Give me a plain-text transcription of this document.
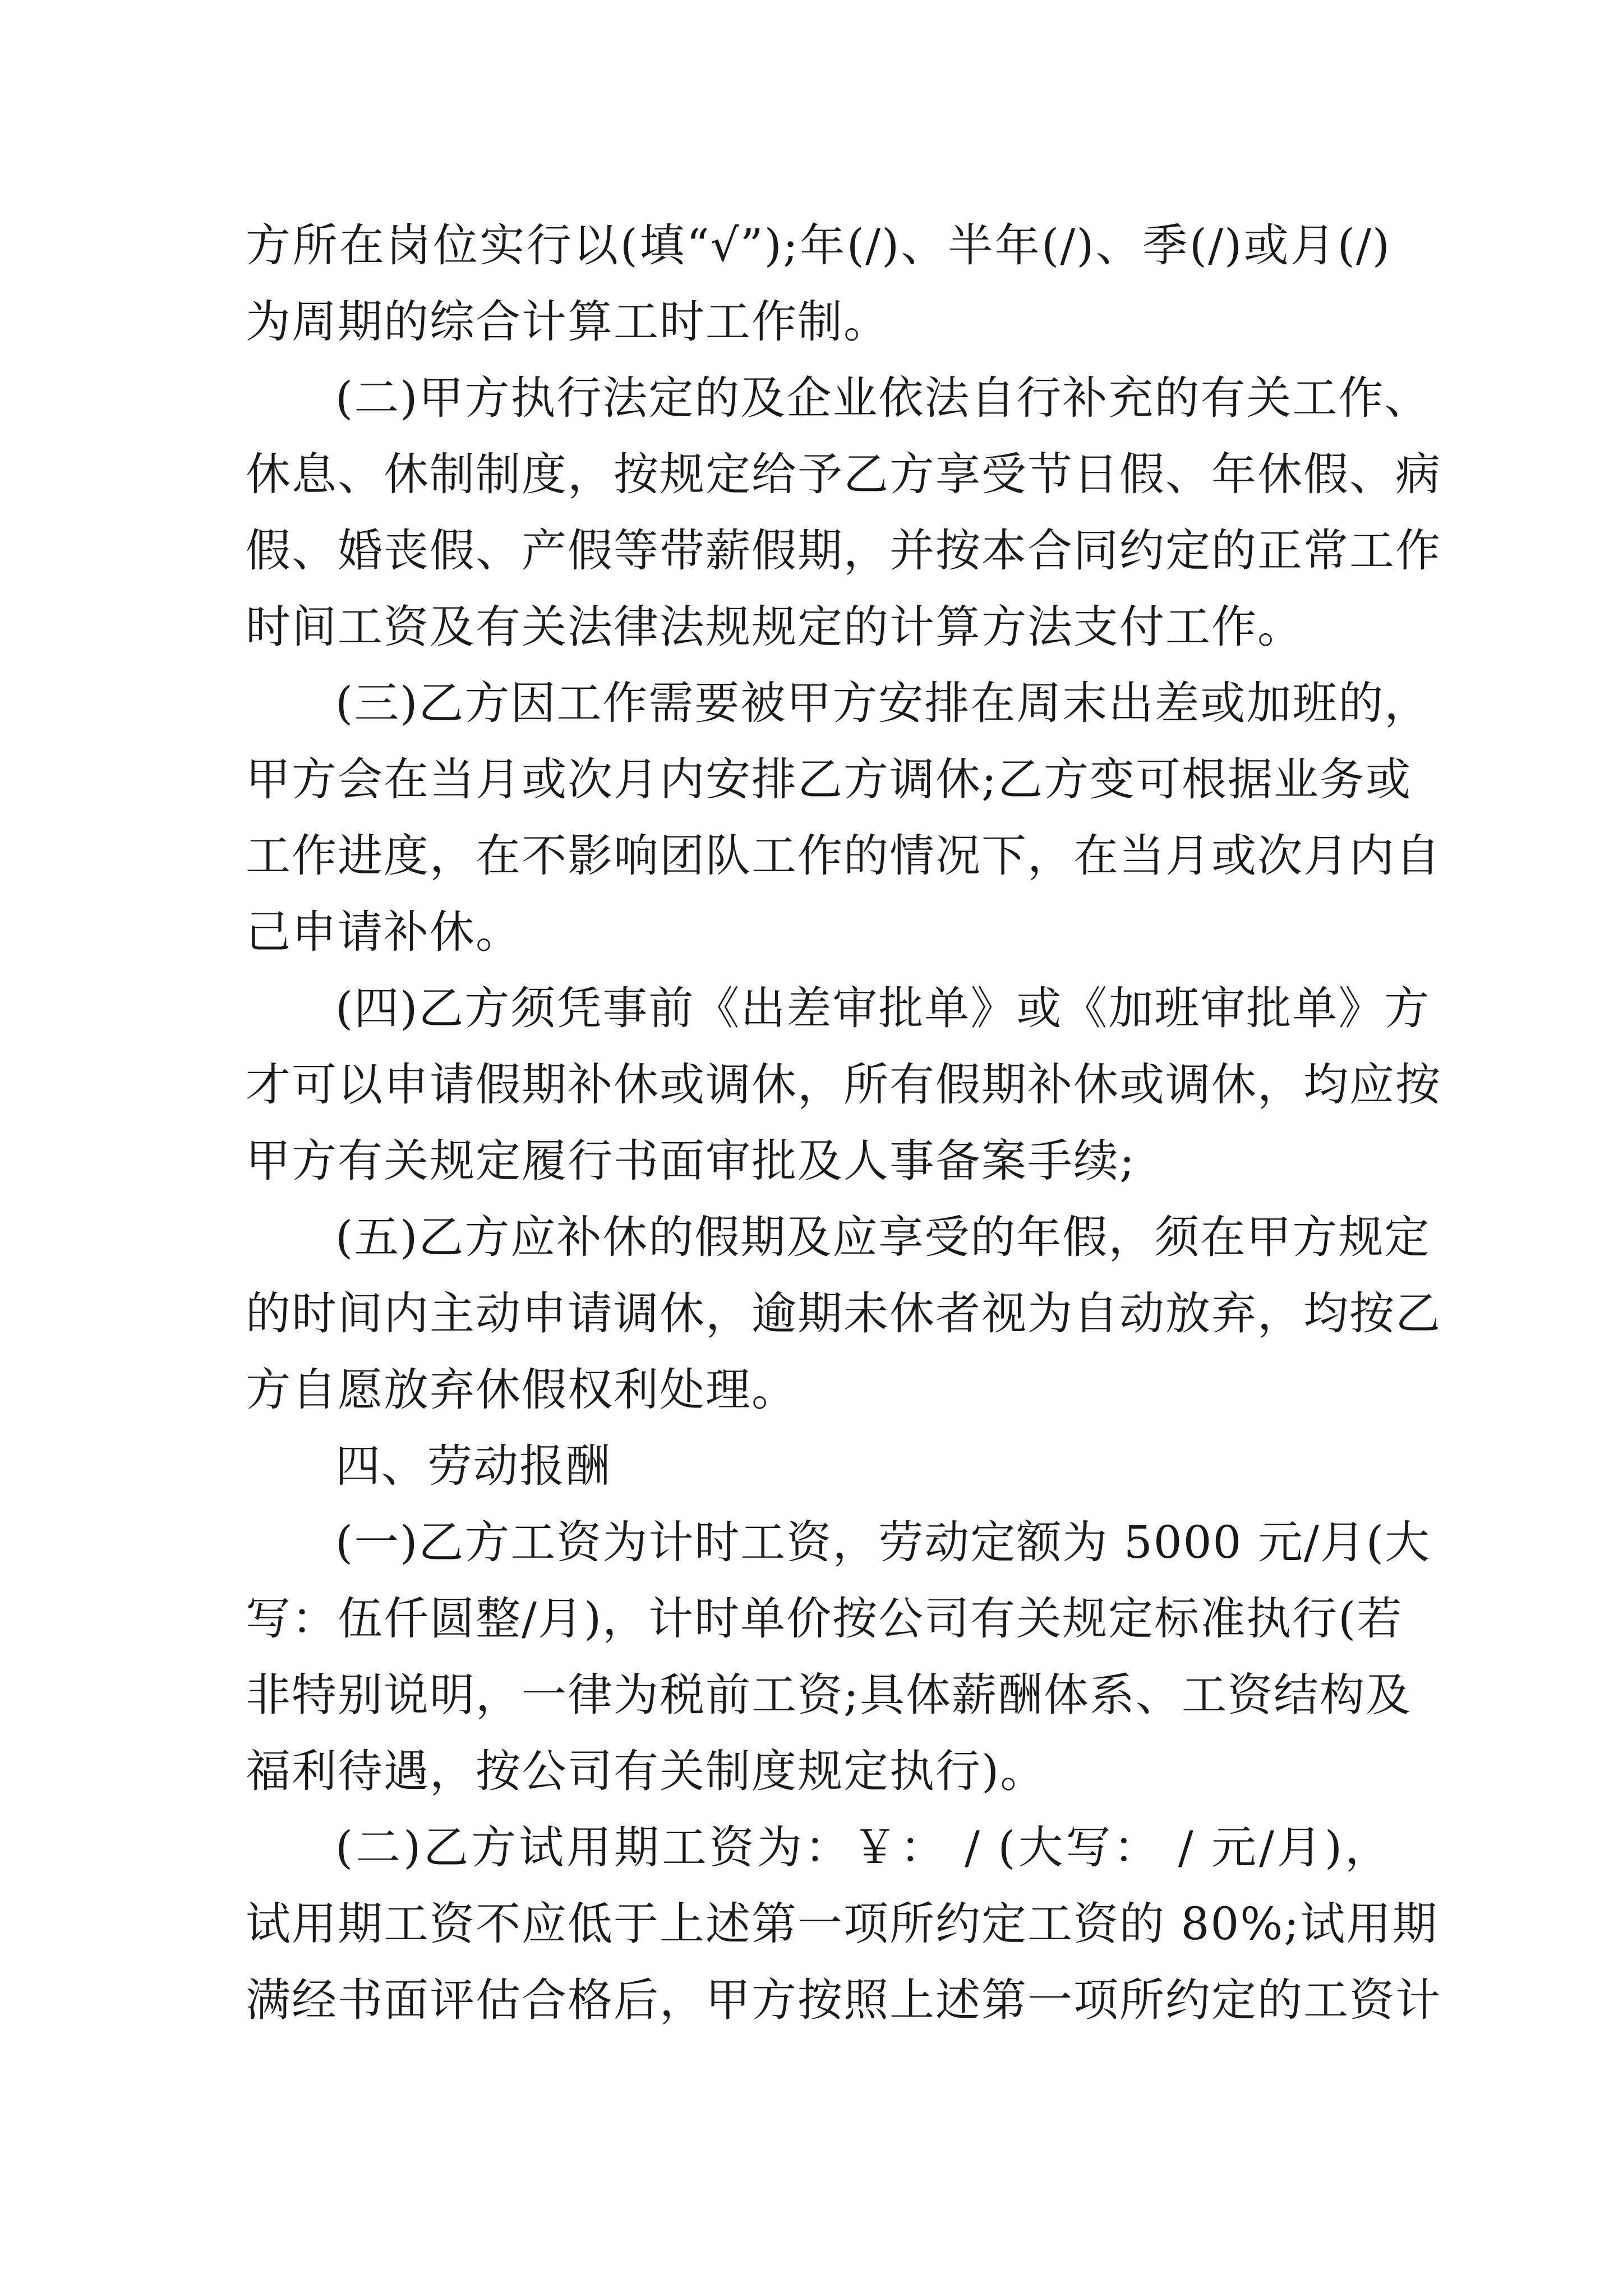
方所在岗位实行以(填“√”);年(/)、半年(/)、季(/)或月(/)
为周期的综合计算工时工作制。
(二)甲方执行法定的及企业依法自行补充的有关工作、
休息、休制制度，按规定给予乙方享受节日假、年休假、病
假、婚丧假、产假等带薪假期，并按本合同约定的正常工作
时间工资及有关法律法规规定的计算方法支付工作。
(三)乙方因工作需要被甲方安排在周末出差或加班的，
甲方会在当月或次月内安排乙方调休;乙方变可根据业务或
工作进度，在不影响团队工作的情况下，在当月或次月内自
己申请补休。
(四)乙方须凭事前《出差审批单》或《加班审批单》方
才可以申请假期补休或调休，所有假期补休或调休，均应按
甲方有关规定履行书面审批及人事备案手续;
(五)乙方应补休的假期及应享受的年假，须在甲方规定
的时间内主动申请调休，逾期未休者视为自动放弃，均按乙
方自愿放弃休假权利处理。
四、劳动报酬
(一)乙方工资为计时工资，劳动定额为 5000 元/月(大
写：伍仟圆整/月)，计时单价按公司有关规定标准执行(若
非特别说明，一律为税前工资;具体薪酬体系、工资结构及
福利待遇，按公司有关制度规定执行)。
(二)乙方试用期工资为：￥： / (大写： / 元/月)，
试用期工资不应低于上述第一项所约定工资的 80%;试用期
满经书面评估合格后，甲方按照上述第一项所约定的工资计
